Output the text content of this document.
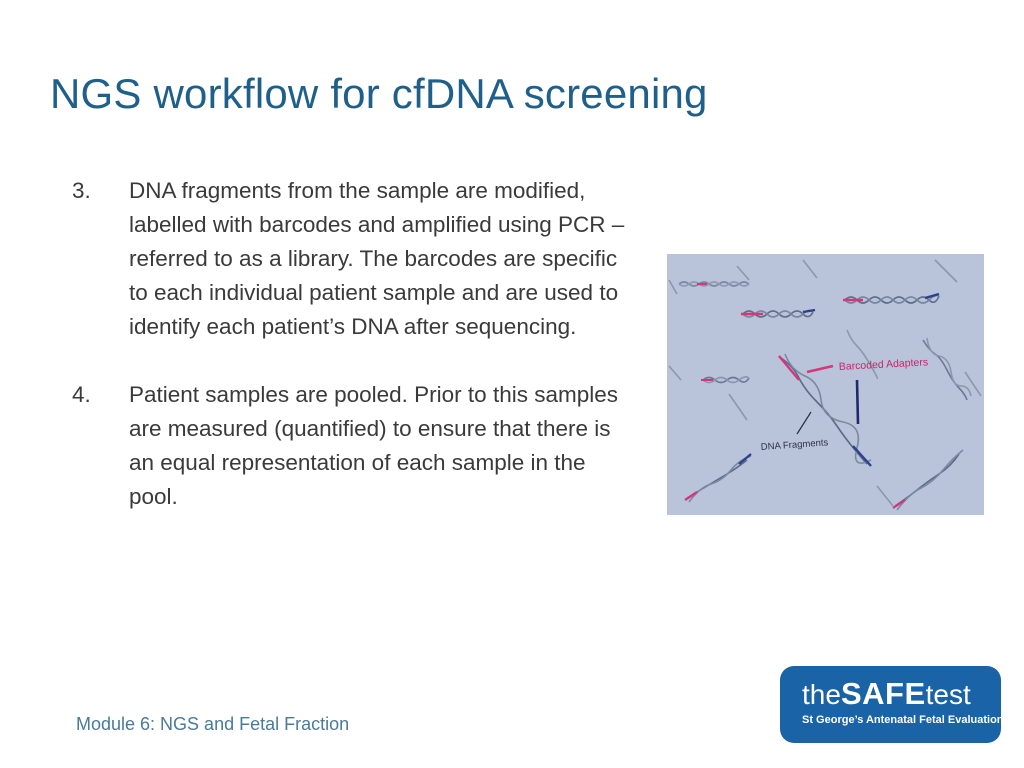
NGS workflow for cfDNA screening
3. DNA fragments from the sample are modified, labelled with barcodes and amplified using PCR – referred to as a library. The barcodes are specific to each individual patient sample and are used to identify each patient’s DNA after sequencing.
4. Patient samples are pooled. Prior to this samples are measured (quantified) to ensure that there is an equal representation of each sample in the pool.
Barcoded Adapters
DNA Fragments
Module 6: NGS and Fetal Fraction
theSAFEtest
St George’s Antenatal Fetal Evaluation
